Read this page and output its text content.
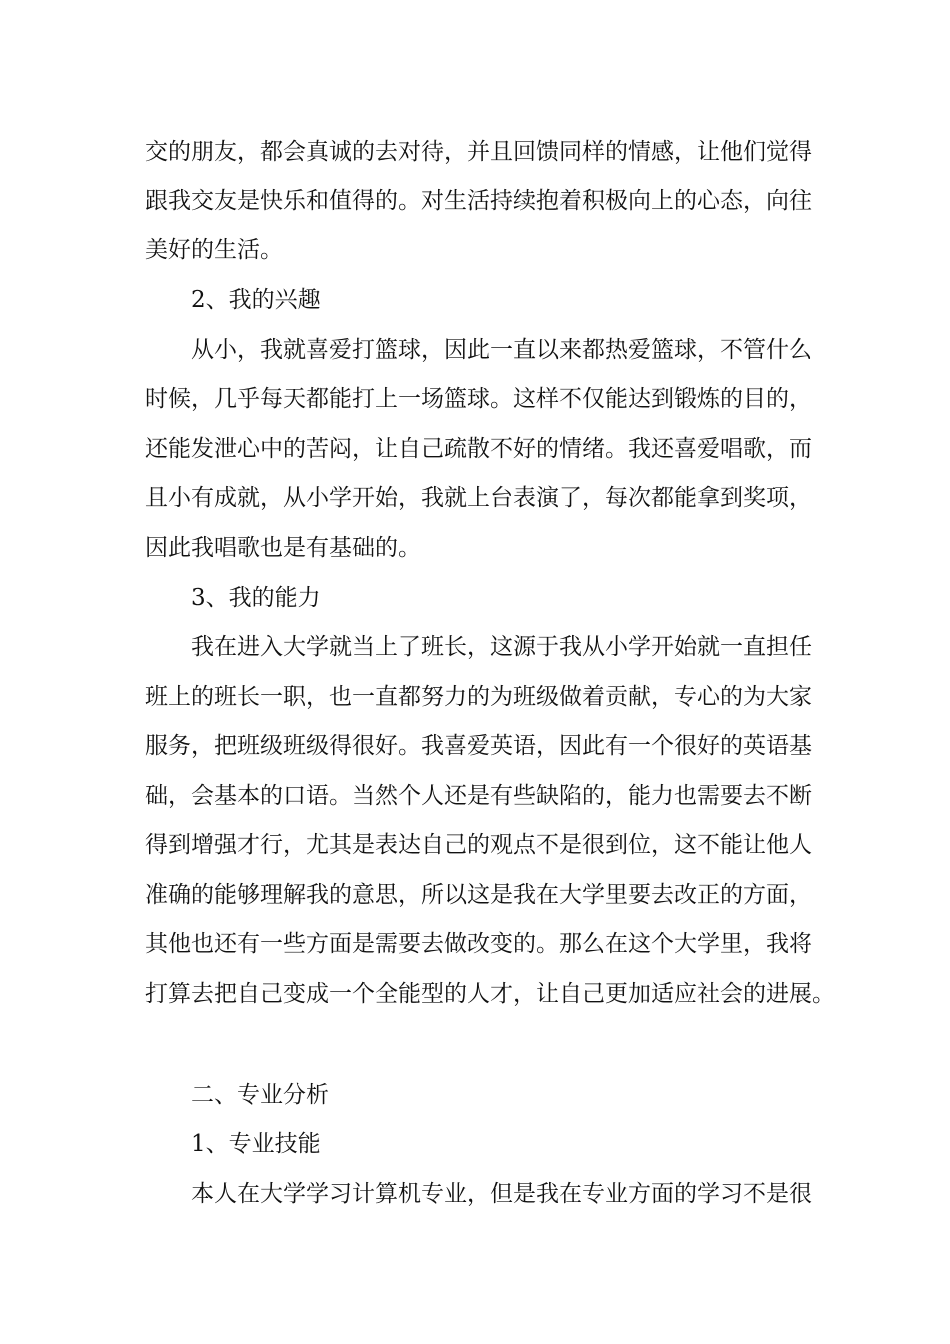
交的朋友，都会真诚的去对待，并且回馈同样的情感，让他们觉得
跟我交友是快乐和值得的。对生活持续抱着积极向上的心态，向往
美好的生活。
2、我的兴趣
从小，我就喜爱打篮球，因此一直以来都热爱篮球，不管什么
时候，几乎每天都能打上一场篮球。这样不仅能达到锻炼的目的，
还能发泄心中的苦闷，让自己疏散不好的情绪。我还喜爱唱歌，而
且小有成就，从小学开始，我就上台表演了，每次都能拿到奖项，
因此我唱歌也是有基础的。
3、我的能力
我在进入大学就当上了班长，这源于我从小学开始就一直担任
班上的班长一职，也一直都努力的为班级做着贡献，专心的为大家
服务，把班级班级得很好。我喜爱英语，因此有一个很好的英语基
础，会基本的口语。当然个人还是有些缺陷的，能力也需要去不断
得到增强才行，尤其是表达自己的观点不是很到位，这不能让他人
准确的能够理解我的意思，所以这是我在大学里要去改正的方面，
其他也还有一些方面是需要去做改变的。那么在这个大学里，我将
打算去把自己变成一个全能型的人才，让自己更加适应社会的进展。
二、专业分析
1、专业技能
本人在大学学习计算机专业，但是我在专业方面的学习不是很
